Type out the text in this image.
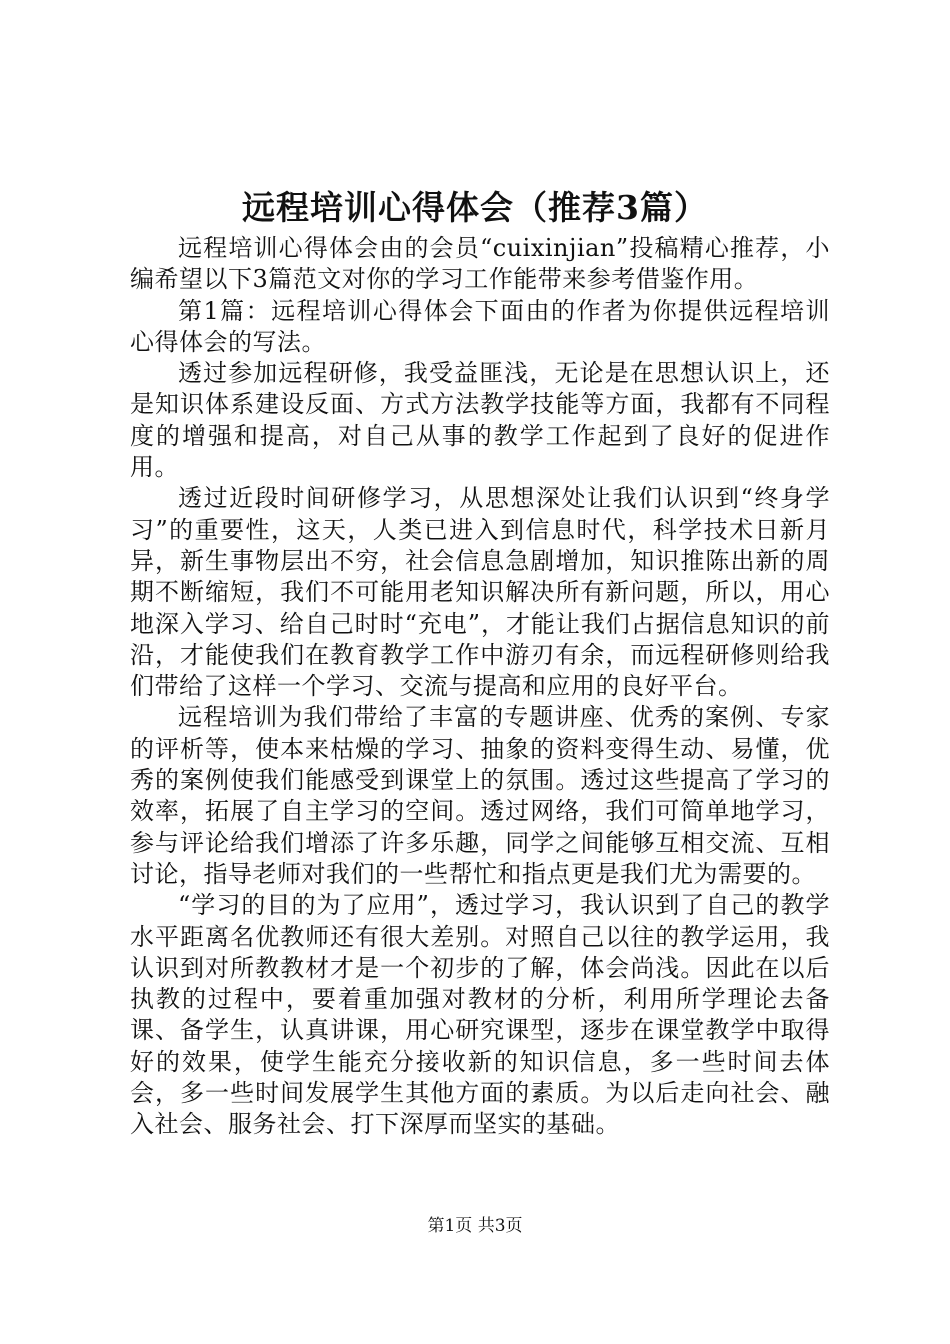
远程培训心得体会（推荐3篇）

远程培训心得体会由的会员“cuixinjian”投稿精心推荐，小编希望以下3篇范文对你的学习工作能带来参考借鉴作用。

第1篇：远程培训心得体会下面由的作者为你提供远程培训心得体会的写法。

透过参加远程研修，我受益匪浅，无论是在思想认识上，还是知识体系建设反面、方式方法教学技能等方面，我都有不同程度的增强和提高，对自己从事的教学工作起到了良好的促进作用。

透过近段时间研修学习，从思想深处让我们认识到“终身学习”的重要性，这天，人类已进入到信息时代，科学技术日新月异，新生事物层出不穷，社会信息急剧增加，知识推陈出新的周期不断缩短，我们不可能用老知识解决所有新问题，所以，用心地深入学习、给自己时时“充电”，才能让我们占据信息知识的前沿，才能使我们在教育教学工作中游刃有余，而远程研修则给我们带给了这样一个学习、交流与提高和应用的良好平台。

远程培训为我们带给了丰富的专题讲座、优秀的案例、专家的评析等，使本来枯燥的学习、抽象的资料变得生动、易懂，优秀的案例使我们能感受到课堂上的氛围。透过这些提高了学习的效率，拓展了自主学习的空间。透过网络，我们可简单地学习，参与评论给我们增添了许多乐趣，同学之间能够互相交流、互相讨论，指导老师对我们的一些帮忙和指点更是我们尤为需要的。

“学习的目的为了应用”，透过学习，我认识到了自己的教学水平距离名优教师还有很大差别。对照自己以往的教学运用，我认识到对所教教材才是一个初步的了解，体会尚浅。因此在以后执教的过程中，要着重加强对教材的分析，利用所学理论去备课、备学生，认真讲课，用心研究课型，逐步在课堂教学中取得好的效果，使学生能充分接收新的知识信息，多一些时间去体会，多一些时间发展学生其他方面的素质。为以后走向社会、融入社会、服务社会、打下深厚而坚实的基础。

第1页 共3页
